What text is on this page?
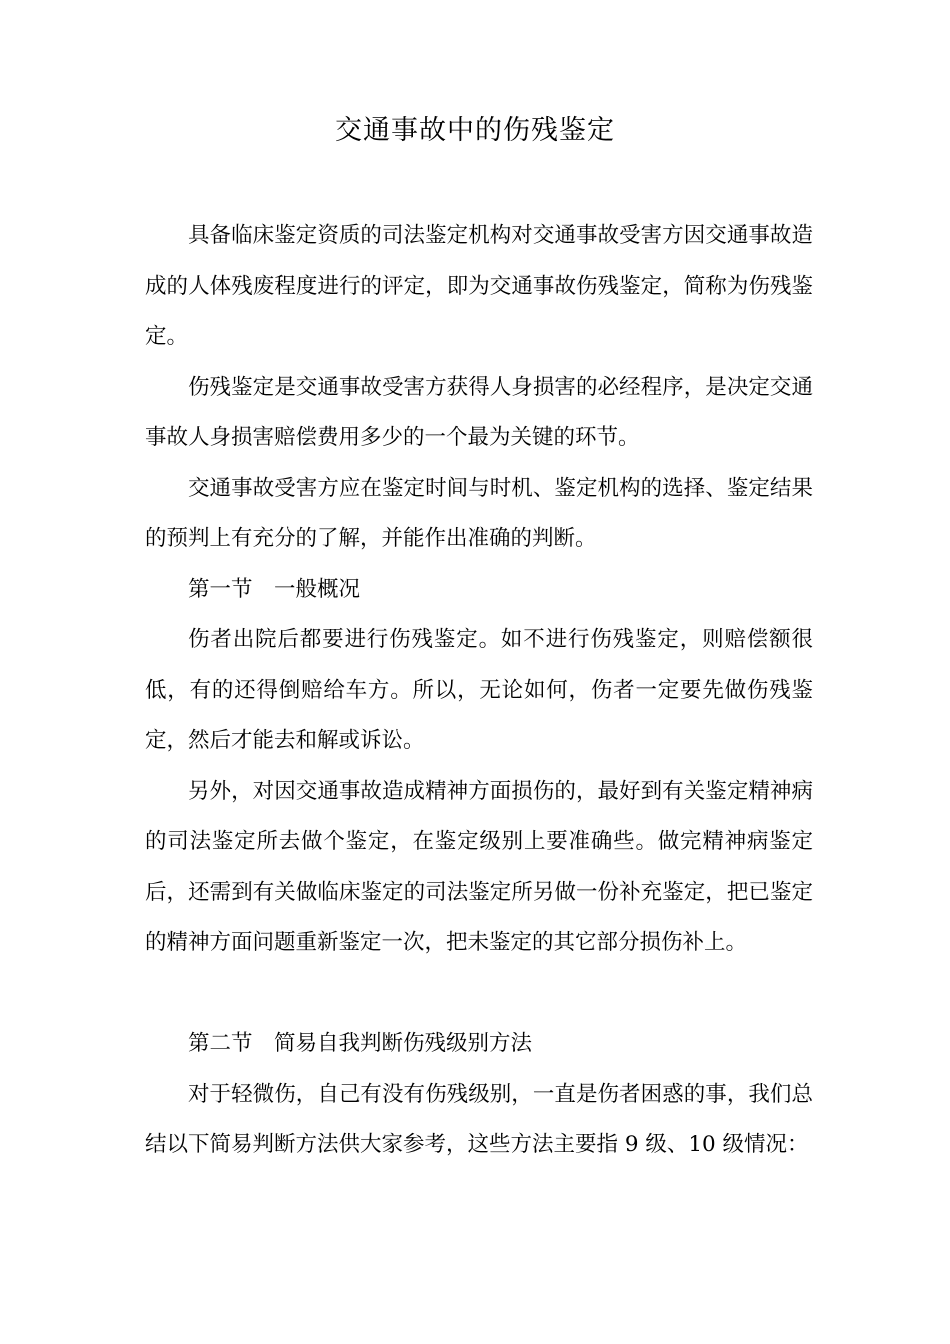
交通事故中的伤残鉴定

具备临床鉴定资质的司法鉴定机构对交通事故受害方因交通事故造成的人体残废程度进行的评定，即为交通事故伤残鉴定，简称为伤残鉴定。

伤残鉴定是交通事故受害方获得人身损害的必经程序，是决定交通事故人身损害赔偿费用多少的一个最为关键的环节。

交通事故受害方应在鉴定时间与时机、鉴定机构的选择、鉴定结果的预判上有充分的了解，并能作出准确的判断。

第一节　一般概况

伤者出院后都要进行伤残鉴定。如不进行伤残鉴定，则赔偿额很低，有的还得倒赔给车方。所以，无论如何，伤者一定要先做伤残鉴定，然后才能去和解或诉讼。

另外，对因交通事故造成精神方面损伤的，最好到有关鉴定精神病的司法鉴定所去做个鉴定，在鉴定级别上要准确些。做完精神病鉴定后，还需到有关做临床鉴定的司法鉴定所另做一份补充鉴定，把已鉴定的精神方面问题重新鉴定一次，把未鉴定的其它部分损伤补上。

第二节　简易自我判断伤残级别方法

对于轻微伤，自己有没有伤残级别，一直是伤者困惑的事，我们总结以下简易判断方法供大家参考，这些方法主要指 9 级、10 级情况：
